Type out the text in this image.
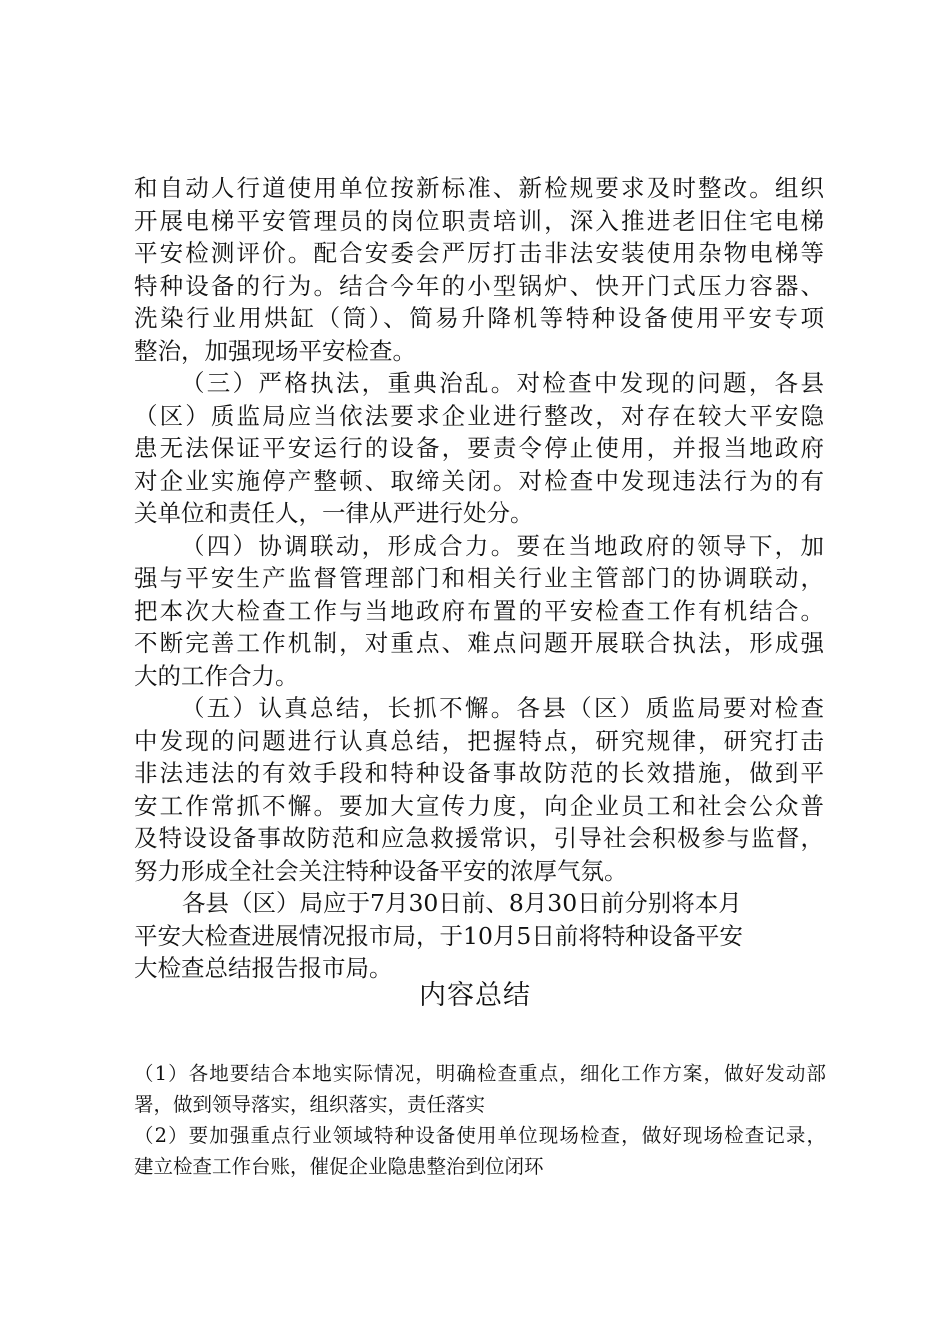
和自动人行道使用单位按新标准、新检规要求及时整改。组织
开展电梯平安管理员的岗位职责培训，深入推进老旧住宅电梯
平安检测评价。配合安委会严厉打击非法安装使用杂物电梯等
特种设备的行为。结合今年的小型锅炉、快开门式压力容器、
洗染行业用烘缸（筒）、简易升降机等特种设备使用平安专项
整治，加强现场平安检查。
（三）严格执法，重典治乱。对检查中发现的问题，各县
（区）质监局应当依法要求企业进行整改，对存在较大平安隐
患无法保证平安运行的设备，要责令停止使用，并报当地政府
对企业实施停产整顿、取缔关闭。对检查中发现违法行为的有
关单位和责任人，一律从严进行处分。
（四）协调联动，形成合力。要在当地政府的领导下，加
强与平安生产监督管理部门和相关行业主管部门的协调联动，
把本次大检查工作与当地政府布置的平安检查工作有机结合。
不断完善工作机制，对重点、难点问题开展联合执法，形成强
大的工作合力。
（五）认真总结，长抓不懈。各县（区）质监局要对检查
中发现的问题进行认真总结，把握特点，研究规律，研究打击
非法违法的有效手段和特种设备事故防范的长效措施，做到平
安工作常抓不懈。要加大宣传力度，向企业员工和社会公众普
及特设设备事故防范和应急救援常识，引导社会积极参与监督，
努力形成全社会关注特种设备平安的浓厚气氛。
各县（区）局应于7月30日前、8月30日前分别将本月
平安大检查进展情况报市局，于10月5日前将特种设备平安
大检查总结报告报市局。
内容总结
（1）各地要结合本地实际情况，明确检查重点，细化工作方案，做好发动部
署，做到领导落实，组织落实，责任落实
（2）要加强重点行业领域特种设备使用单位现场检查，做好现场检查记录，
建立检查工作台账，催促企业隐患整治到位闭环
